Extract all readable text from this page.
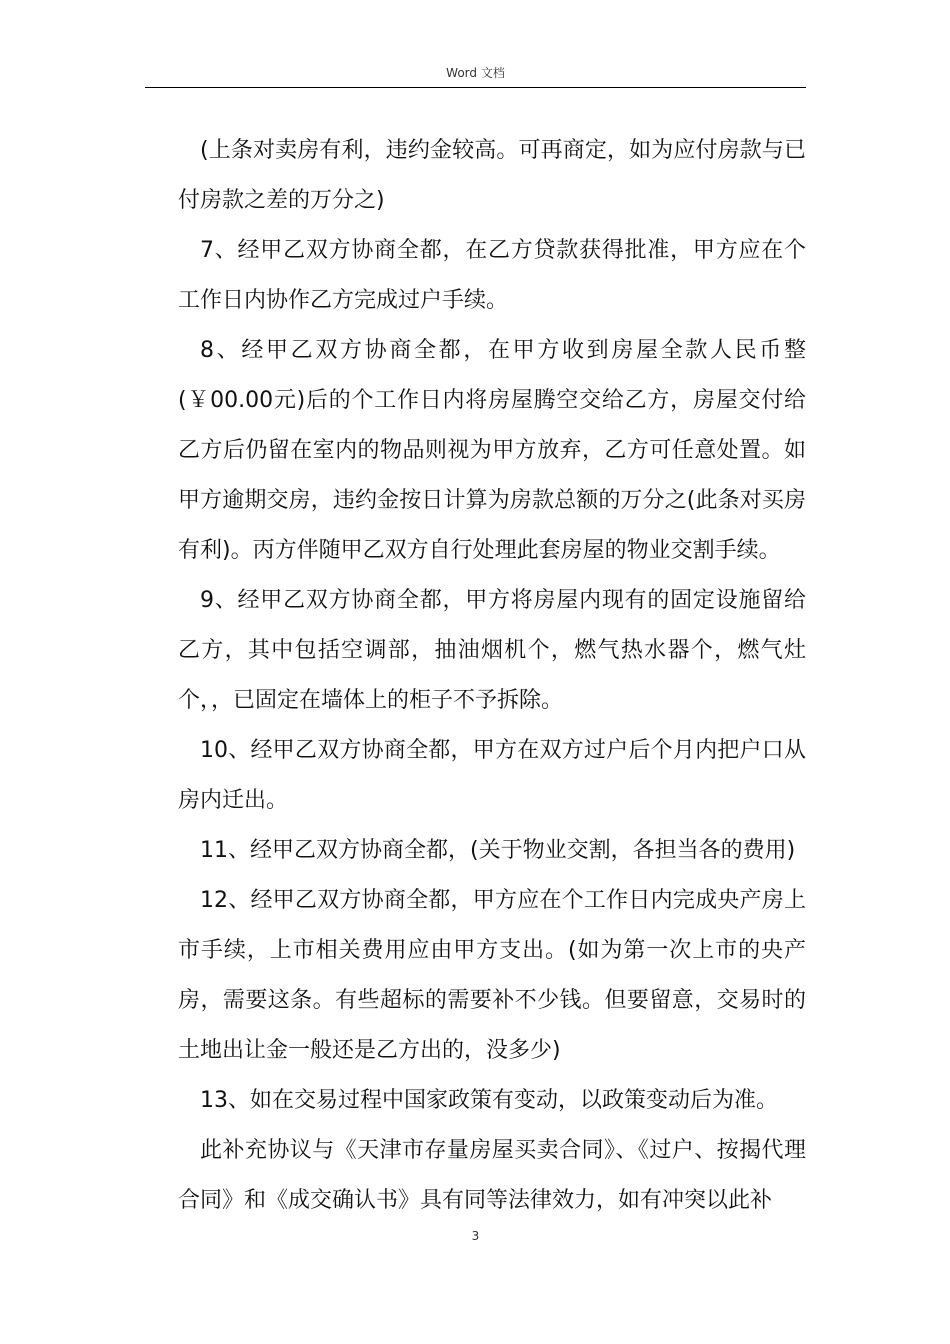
Word 文档

(上条对卖房有利，违约金较高。可再商定，如为应付房款与已付房款之差的万分之)

7、经甲乙双方协商全都，在乙方贷款获得批准，甲方应在个工作日内协作乙方完成过户手续。

8、经甲乙双方协商全都，在甲方收到房屋全款人民币整(￥00.00元)后的个工作日内将房屋腾空交给乙方，房屋交付给乙方后仍留在室内的物品则视为甲方放弃，乙方可任意处置。如甲方逾期交房，违约金按日计算为房款总额的万分之(此条对买房有利)。丙方伴随甲乙双方自行处理此套房屋的物业交割手续。

9、经甲乙双方协商全都，甲方将房屋内现有的固定设施留给乙方，其中包括空调部，抽油烟机个，燃气热水器个，燃气灶个，，已固定在墙体上的柜子不予拆除。

10、经甲乙双方协商全都，甲方在双方过户后个月内把户口从房内迁出。

11、经甲乙双方协商全都，(关于物业交割，各担当各的费用)

12、经甲乙双方协商全都，甲方应在个工作日内完成央产房上市手续，上市相关费用应由甲方支出。(如为第一次上市的央产房，需要这条。有些超标的需要补不少钱。但要留意，交易时的土地出让金一般还是乙方出的，没多少)

13、如在交易过程中国家政策有变动，以政策变动后为准。

此补充协议与《天津市存量房屋买卖合同》、《过户、按揭代理合同》和《成交确认书》具有同等法律效力，如有冲突以此补

3
